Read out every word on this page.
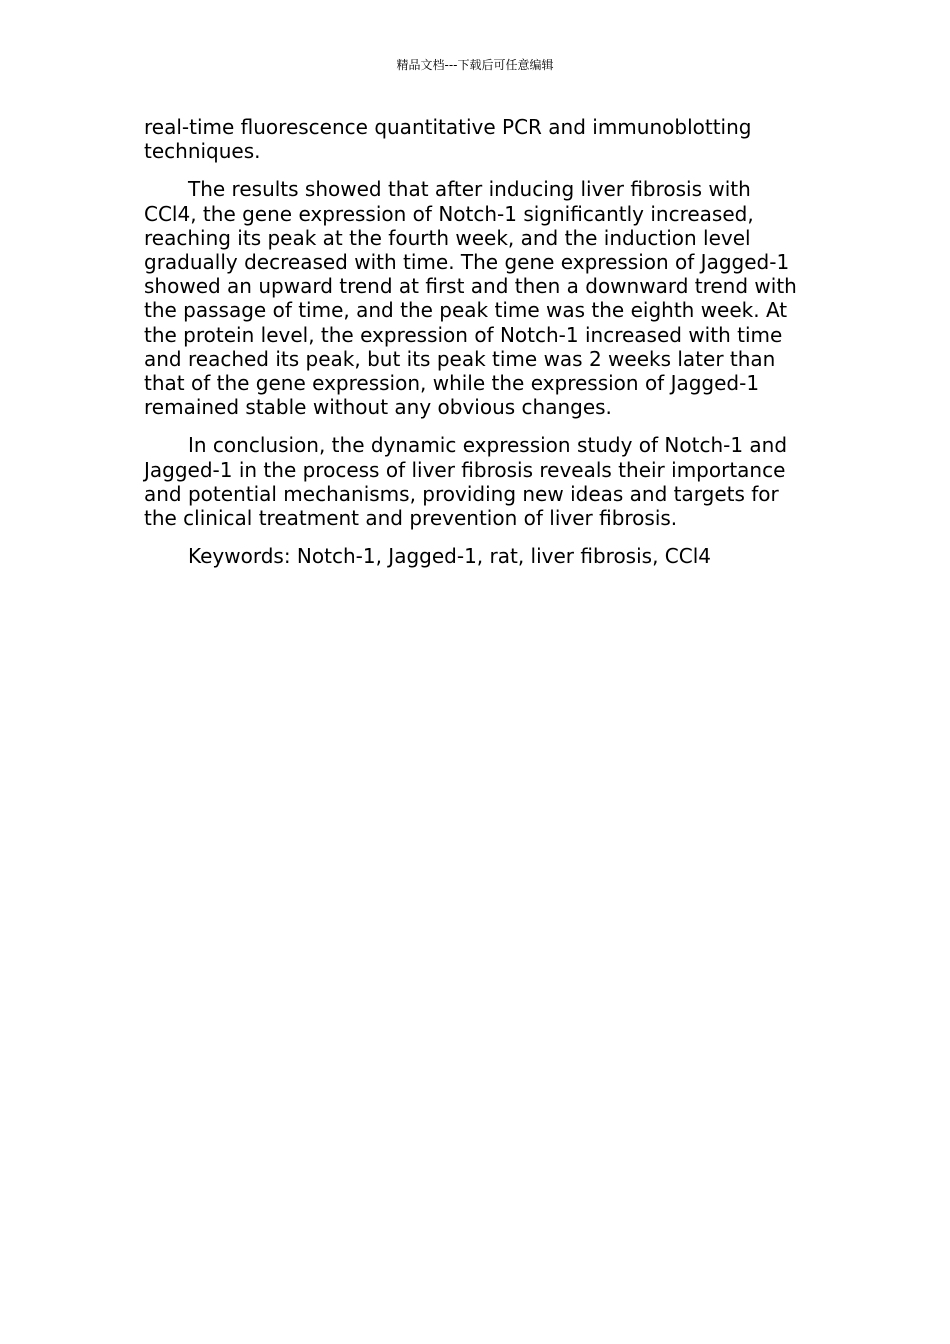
精品文档---下载后可任意编辑

real-time fluorescence quantitative PCR and immunoblotting techniques.

The results showed that after inducing liver fibrosis with CCl4, the gene expression of Notch-1 significantly increased, reaching its peak at the fourth week, and the induction level gradually decreased with time. The gene expression of Jagged-1 showed an upward trend at first and then a downward trend with the passage of time, and the peak time was the eighth week. At the protein level, the expression of Notch-1 increased with time and reached its peak, but its peak time was 2 weeks later than that of the gene expression, while the expression of Jagged-1 remained stable without any obvious changes.

In conclusion, the dynamic expression study of Notch-1 and Jagged-1 in the process of liver fibrosis reveals their importance and potential mechanisms, providing new ideas and targets for the clinical treatment and prevention of liver fibrosis.

Keywords: Notch-1, Jagged-1, rat, liver fibrosis, CCl4
